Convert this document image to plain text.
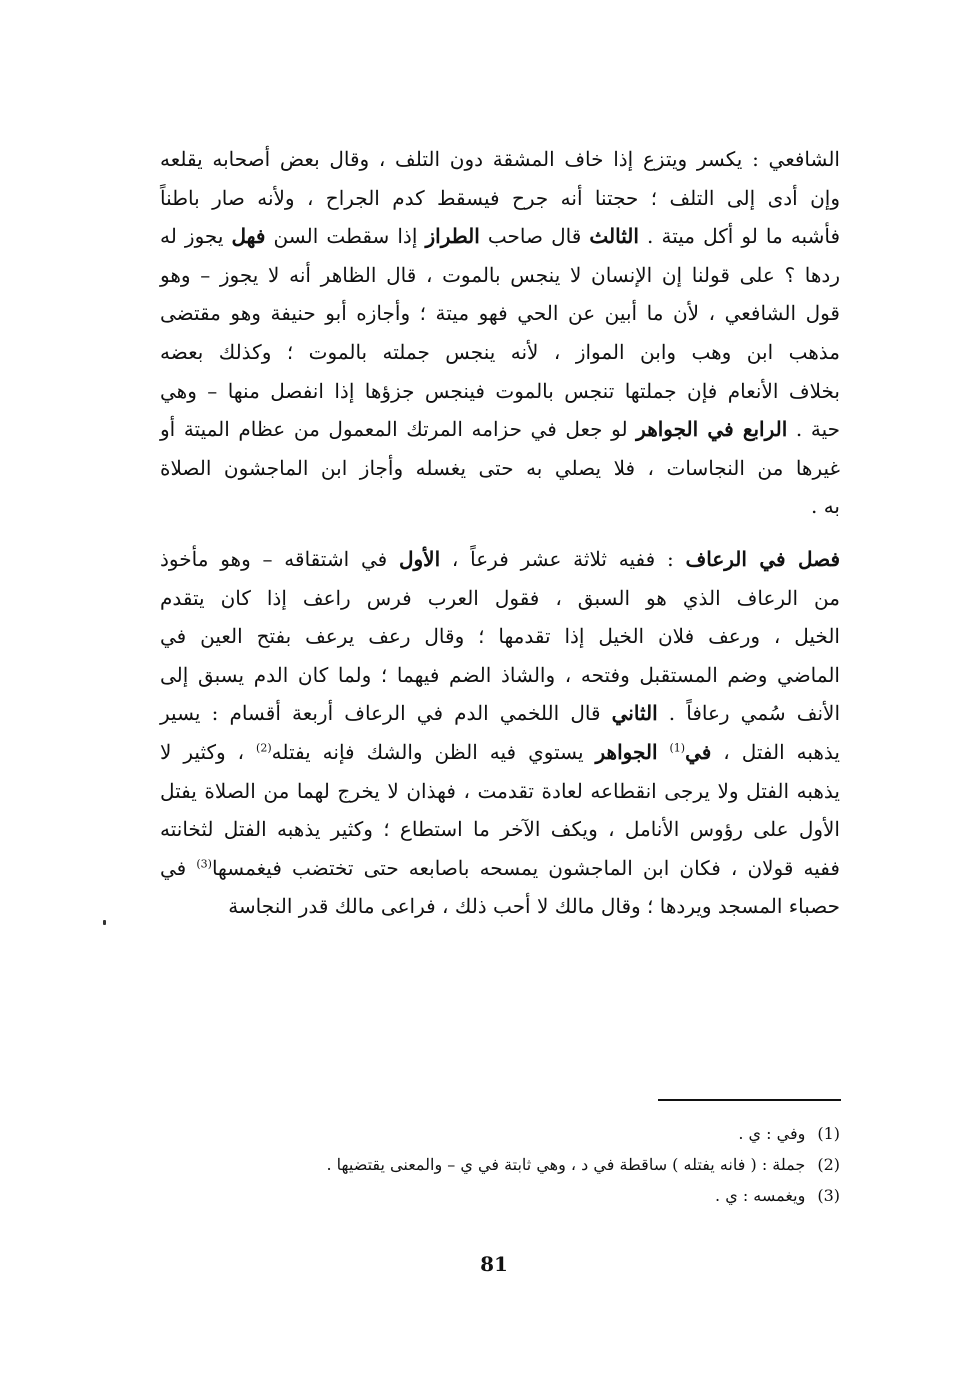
الشافعي : يكسر ويتزع إذا خاف المشقة دون التلف ، وقال بعض أصحابه يقلعه
وإن أدى إلى التلف ؛ حجتنا أنه جرح فيسقط كدم الجراح ، ولأنه صار باطناً
فأشبه ما لو أكل ميتة . الثالث قال صاحب الطراز إذا سقطت السن فهل يجوز له
ردها ؟ على قولنا إن الإنسان لا ينجس بالموت ، قال الظاهر أنه لا يجوز – وهو
قول الشافعي ، لأن ما أبين عن الحي فهو ميتة ؛ وأجازه أبو حنيفة وهو مقتضى
مذهب ابن وهب وابن المواز ، لأنه ينجس جملته بالموت ؛ وكذلك بعضه
بخلاف الأنعام فإن جملتها تنجس بالموت فينجس جزؤها إذا انفصل منها – وهي
حية . الرابع في الجواهر لو جعل في حزامه المرتك المعمول من عظام الميتة أو
غيرها من النجاسات ، فلا يصلي به حتى يغسله وأجاز ابن الماجشون الصلاة
به .
فصل في الرعاف : ففيه ثلاثة عشر فرعاً ، الأول في اشتقاقه – وهو مأخوذ
من الرعاف الذي هو السبق ، فقول العرب فرس راعف إذا كان يتقدم
الخيل ، ورعف فلان الخيل إذا تقدمها ؛ وقال رعف يرعف بفتح العين في
الماضي وضم المستقبل وفتحه ، والشاذ الضم فيهما ؛ ولما كان الدم يسبق إلى
الأنف سُمي رعافاً . الثاني قال اللخمي الدم في الرعاف أربعة أقسام : يسير
يذهبه الفتل ، في$^{(1)}$ الجواهر يستوي فيه الظن والشك فإنه يفتله$^{(2)}$ ، وكثير لا
يذهبه الفتل ولا يرجى انقطاعه لعادة تقدمت ، فهذان لا يخرج لهما من الصلاة يفتل
الأول على رؤوس الأنامل ، ويكف الآخر ما استطاع ؛ وكثير يذهبه الفتل لثخانته
ففيه قولان ، فكان ابن الماجشون يمسحه باصابعه حتى تختضب فيغمسها$^{(3)}$ في
حصباء المسجد ويردها ؛ وقال مالك لا أحب ذلك ، فراعى مالك قدر النجاسة
(1)وفي : ي .
(2)جملة : ( فانه يفتله ) ساقطة في د ، وهي ثابتة في ي – والمعنى يقتضيها .
(3)ويغمسه : ي .
81
